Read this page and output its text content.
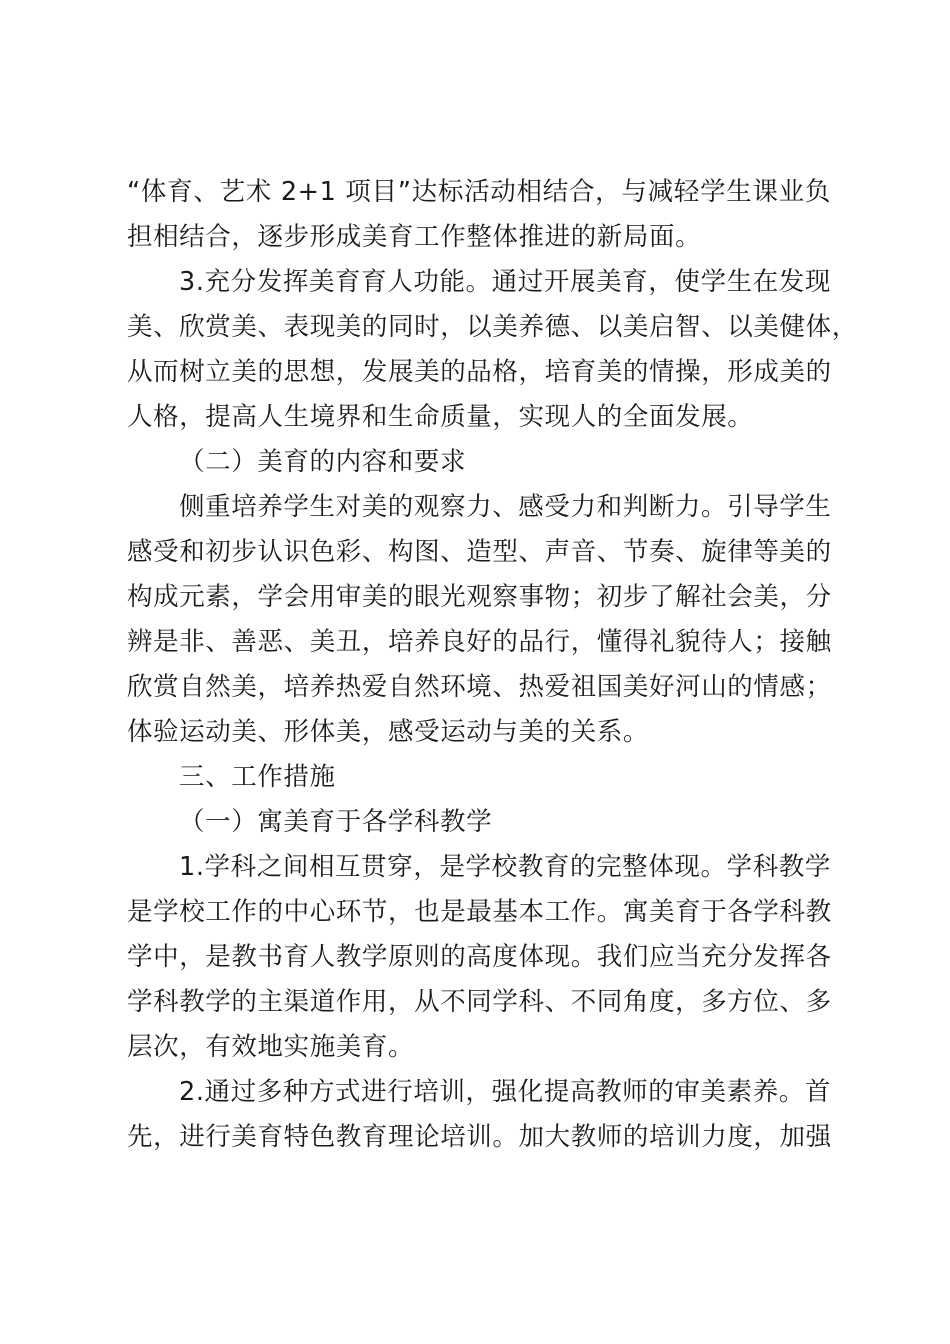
“体育、艺术 2+1 项目”达标活动相结合，与减轻学生课业负
担相结合，逐步形成美育工作整体推进的新局面。
3.充分发挥美育育人功能。通过开展美育，使学生在发现
美、欣赏美、表现美的同时，以美养德、以美启智、以美健体，
从而树立美的思想，发展美的品格，培育美的情操，形成美的
人格，提高人生境界和生命质量，实现人的全面发展。
（二）美育的内容和要求
侧重培养学生对美的观察力、感受力和判断力。引导学生
感受和初步认识色彩、构图、造型、声音、节奏、旋律等美的
构成元素，学会用审美的眼光观察事物；初步了解社会美，分
辨是非、善恶、美丑，培养良好的品行，懂得礼貌待人；接触
欣赏自然美，培养热爱自然环境、热爱祖国美好河山的情感；
体验运动美、形体美，感受运动与美的关系。
三、工作措施
（一）寓美育于各学科教学
1.学科之间相互贯穿，是学校教育的完整体现。学科教学
是学校工作的中心环节，也是最基本工作。寓美育于各学科教
学中，是教书育人教学原则的高度体现。我们应当充分发挥各
学科教学的主渠道作用，从不同学科、不同角度，多方位、多
层次，有效地实施美育。
2.通过多种方式进行培训，强化提高教师的审美素养。首
先，进行美育特色教育理论培训。加大教师的培训力度，加强
